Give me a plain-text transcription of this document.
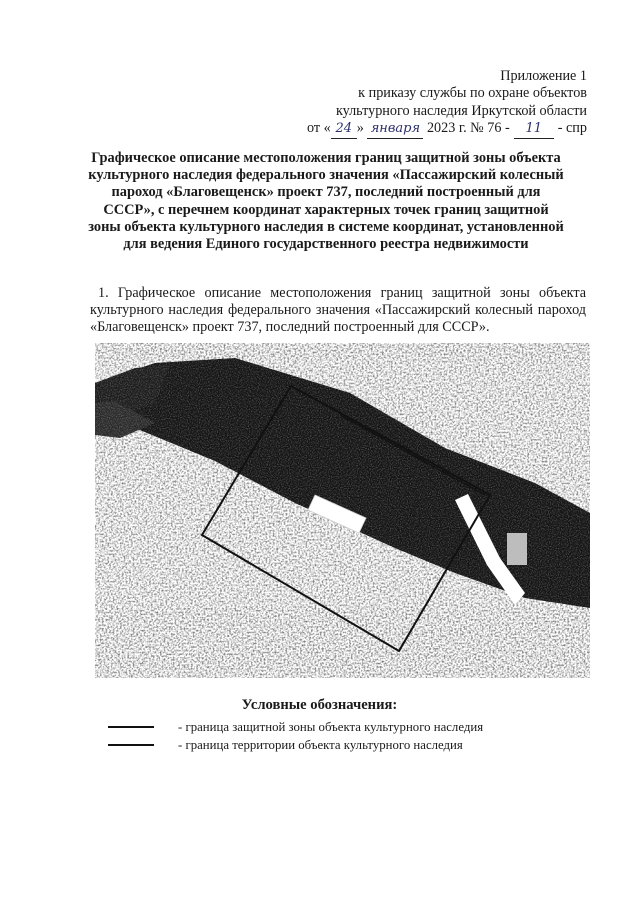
Приложение 1
к приказу службы по охране объектов
культурного наследия Иркутской области
от « 24 » января 2023 г. № 76 - 11 - спр
Графическое описание местоположения границ защитной зоны объекта культурного наследия федерального значения «Пассажирский колесный пароход «Благовещенск» проект 737, последний построенный для СССР», с перечнем координат характерных точек границ защитной зоны объекта культурного наследия в системе координат, установленной для ведения Единого государственного реестра недвижимости
1. Графическое описание местоположения границ защитной зоны объекта культурного наследия федерального значения «Пассажирский колесный пароход «Благовещенск» проект 737, последний построенный для СССР».
Условные обозначения:
- граница защитной зоны объекта культурного наследия
- граница территории объекта культурного наследия
